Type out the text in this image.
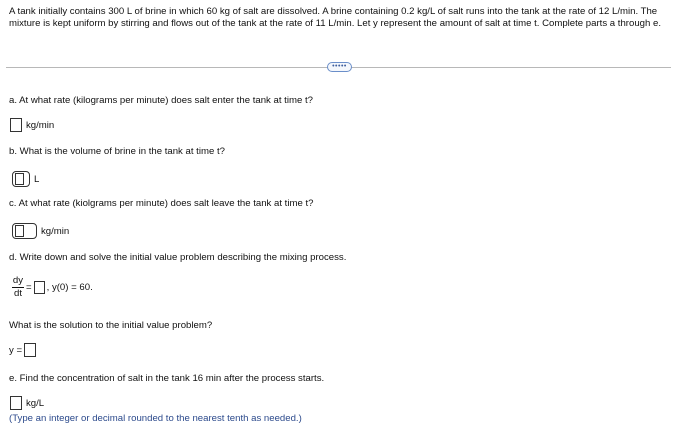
A tank initially contains 300 L of brine in which 60 kg of salt are dissolved. A brine containing 0.2 kg/L of salt runs into the tank at the rate of 12 L/min. The mixture is kept uniform by stirring and flows out of the tank at the rate of 11 L/min. Let y represent the amount of salt at time t. Complete parts a through e.

•••••
a. At what rate (kilograms per minute) does salt enter the tank at time t?
kg/min
b. What is the volume of brine in the tank at time t?
L
c. At what rate (kiolgrams per minute) does salt leave the tank at time t?
kg/min
d. Write down and solve the initial value problem describing the mixing process.
$\frac{dy}{dt}$ = , y(0) = 60.
What is the solution to the initial value problem?
y =
e. Find the concentration of salt in the tank 16 min after the process starts.
kg/L
(Type an integer or decimal rounded to the nearest tenth as needed.)
